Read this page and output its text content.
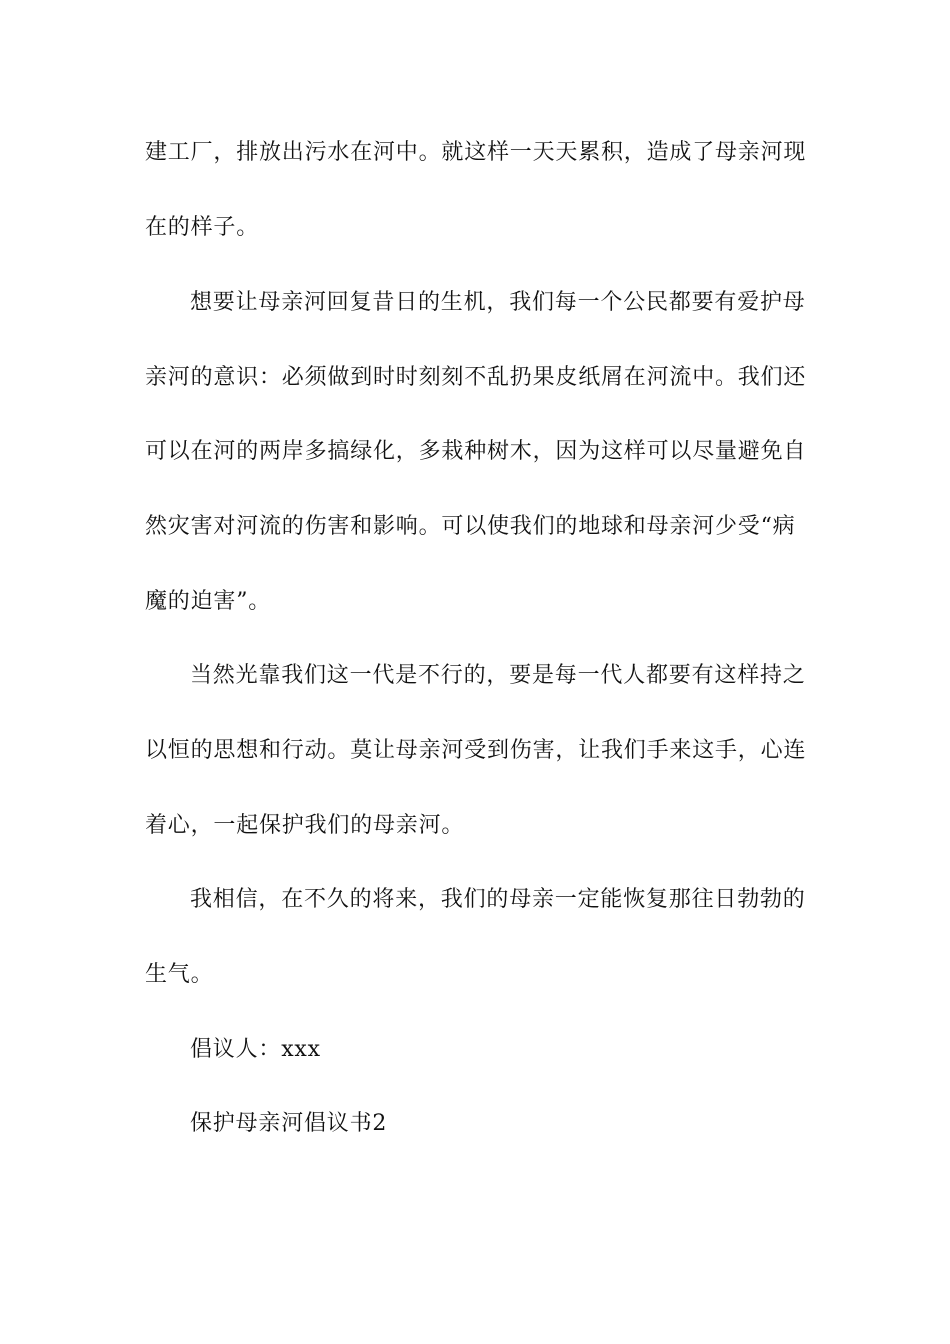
建工厂，排放出污水在河中。就这样一天天累积，造成了母亲河现
在的样子。
想要让母亲河回复昔日的生机，我们每一个公民都要有爱护母
亲河的意识：必须做到时时刻刻不乱扔果皮纸屑在河流中。我们还
可以在河的两岸多搞绿化，多栽种树木，因为这样可以尽量避免自
然灾害对河流的伤害和影响。可以使我们的地球和母亲河少受“病
魔的迫害”。
当然光靠我们这一代是不行的，要是每一代人都要有这样持之
以恒的思想和行动。莫让母亲河受到伤害，让我们手来这手，心连
着心，一起保护我们的母亲河。
我相信，在不久的将来，我们的母亲一定能恢复那往日勃勃的
生气。
倡议人：xxx
保护母亲河倡议书2
